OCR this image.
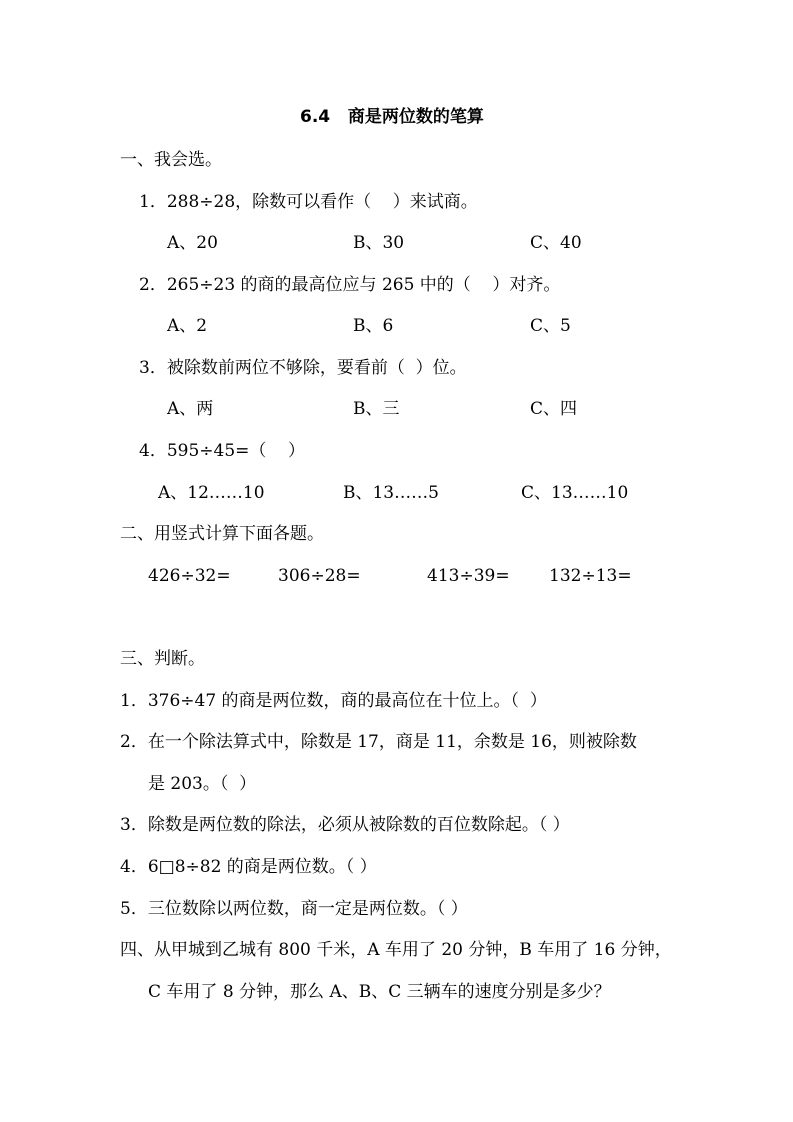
6.4   商是两位数的笔算
一、我会选。
1．288÷28，除数可以看作（    ）来试商。
A、20	B、30	C、40
2．265÷23 的商的最高位应与 265 中的（    ）对齐。
A、2	B、6	C、5
3．被除数前两位不够除，要看前（  ）位。
A、两	B、三	C、四
4．595÷45=（    ）
A、12……10	B、13……5	C、13……10
二、用竖式计算下面各题。
426÷32=	306÷28=	413÷39= 132÷13=
三、判断。
1．376÷47 的商是两位数，商的最高位在十位上。（  ）
2．在一个除法算式中，除数是 17，商是 11，余数是 16，则被除数
是 203。（  ）
3．除数是两位数的除法，必须从被除数的百位数除起。（ ）
4．6□8÷82 的商是两位数。（ ）
5．三位数除以两位数，商一定是两位数。（ ）
四、从甲城到乙城有 800 千米，A 车用了 20 分钟，B 车用了 16 分钟，
C 车用了 8 分钟，那么 A、B、C 三辆车的速度分别是多少？
